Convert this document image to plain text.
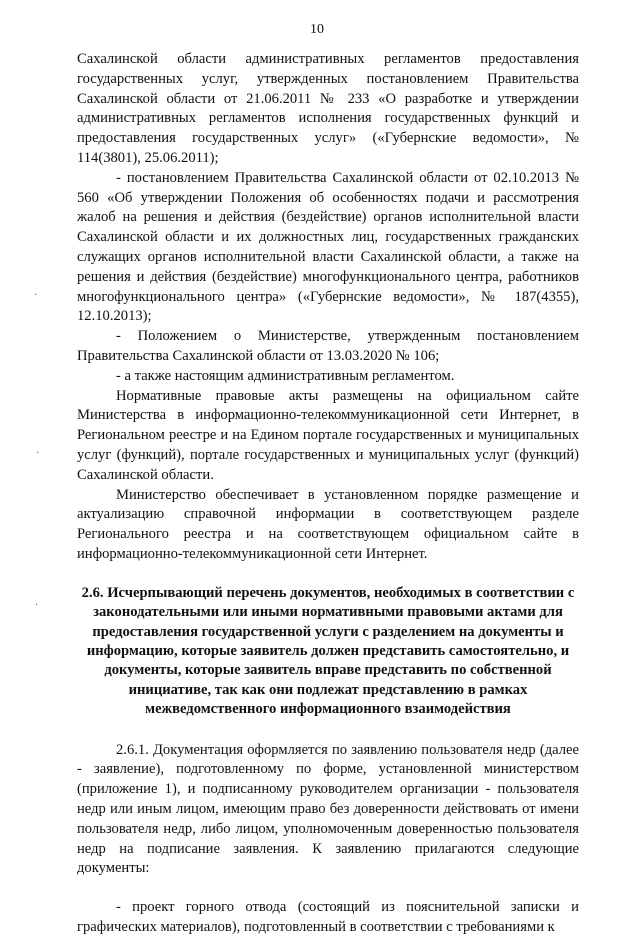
10

Сахалинской области административных регламентов предоставления государственных услуг, утвержденных постановлением Правительства Сахалинской области от 21.06.2011 № 233 «О разработке и утверждении административных регламентов исполнения государственных функций и предоставления государственных услуг» («Губернские ведомости», № 114(3801), 25.06.2011);

- постановлением Правительства Сахалинской области от 02.10.2013 № 560 «Об утверждении Положения об особенностях подачи и рассмотрения жалоб на решения и действия (бездействие) органов исполнительной власти Сахалинской области и их должностных лиц, государственных гражданских служащих органов исполнительной власти Сахалинской области, а также на решения и действия (бездействие) многофункционального центра, работников многофункционального центра» («Губернские ведомости», № 187(4355), 12.10.2013);

- Положением о Министерстве, утвержденным постановлением Правительства Сахалинской области от 13.03.2020 № 106;

- а также настоящим административным регламентом.

Нормативные правовые акты размещены на официальном сайте Министерства в информационно-телекоммуникационной сети Интернет, в Региональном реестре и на Едином портале государственных и муниципальных услуг (функций), портале государственных и муниципальных услуг (функций) Сахалинской области.

Министерство обеспечивает в установленном порядке размещение и актуализацию справочной информации в соответствующем разделе Регионального реестра и на соответствующем официальном сайте в информационно-телекоммуникационной сети Интернет.

2.6. Исчерпывающий перечень документов, необходимых в соответствии с законодательными или иными нормативными правовыми актами для предоставления государственной услуги с разделением на документы и информацию, которые заявитель должен представить самостоятельно, и документы, которые заявитель вправе представить по собственной инициативе, так как они подлежат представлению в рамках межведомственного информационного взаимодействия

2.6.1. Документация оформляется по заявлению пользователя недр (далее - заявление), подготовленному по форме, установленной министерством (приложение 1), и подписанному руководителем организации - пользователя недр или иным лицом, имеющим право без доверенности действовать от имени пользователя недр, либо лицом, уполномоченным доверенностью пользователя недр на подписание заявления. К заявлению прилагаются следующие документы:

- проект горного отвода (состоящий из пояснительной записки и графических материалов), подготовленный в соответствии с требованиями к

·
·
·
